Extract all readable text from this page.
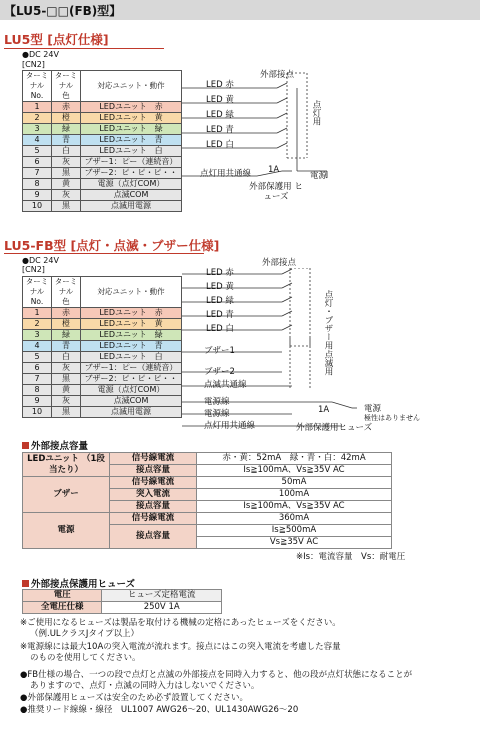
【LU5-□□(FB)型】
LU5型 [点灯仕様]
●DC 24V
[CN2]
ターミナル No.	ターミナル 色	対応ユニット・動作
1	赤	LEDユニット　赤
2	橙	LEDユニット　黄
3	緑	LEDユニット　緑
4	青	LEDユニット　青
5	白	LEDユニット　白
6	灰	ブザー1：ピー（連続音）
7	黒	ブザー2：ピ・ピ・ピ・・
8	黄	電源（点灯COM）
9	灰	点滅COM
10	黒	点滅用電源
外部接点
LED 赤
LED 黄
LED 緑
LED 青
LED 白
点灯用
点灯用共通線 1A
電源
外部保護用 ヒューズ
LU5-FB型 [点灯・点滅・ブザー仕様]
●DC 24V
[CN2]
ターミナル No.	ターミナル 色	対応ユニット・動作
1	赤	LEDユニット　赤
2	橙	LEDユニット　黄
3	緑	LEDユニット　緑
4	青	LEDユニット　青
5	白	LEDユニット　白
6	灰	ブザー1：ピー（連続音）
7	黒	ブザー2：ピ・ピ・ピ・・
8	黄	電源（点灯COM）
9	灰	点滅COM
10	黒	点滅用電源
外部接点
LED 赤
LED 黄
LED 緑
LED 青
LED 白
ブザー1
ブザー2
点滅共通線
電源線
電源線	1A
点灯用共通線	外部保護用ヒューズ
点灯・ブザー用
点滅用
電源
極性はありません
外部接点容量
LEDユニット （1段当たり）	信号線電流	赤・黄：52mA　緑・青・白：42mA
	接点容量	Is≧100mA、Vs≧35V AC
ブザー	信号線電流	50mA
	突入電流	100mA
	接点容量	Is≧100mA、Vs≧35V AC
電源	信号線電流	360mA
	接点容量	Is≧500mA
		Vs≧35V AC
※Is：電流容量　Vs：耐電圧
外部接点保護用ヒューズ
電圧	ヒューズ定格電流
全電圧仕様	250V 1A
※ご使用になるヒューズは製品を取付ける機械の定格にあったヒューズをください。
（例.ULクラスJタイプ以上）
※電源線には最大10Aの突入電流が流れます。接点にはこの突入電流を考慮した容量
のものを使用してください。
●FB仕様の場合、一つの段で点灯と点滅の外部接点を同時入力すると、他の段が点灯状態になることが
ありますので、点灯・点滅の同時入力はしないでください。
●外部保護用ヒューズは安全のため必ず設置してください。
●推奨リード線線・線径　UL1007 AWG26〜20、UL1430AWG26〜20
